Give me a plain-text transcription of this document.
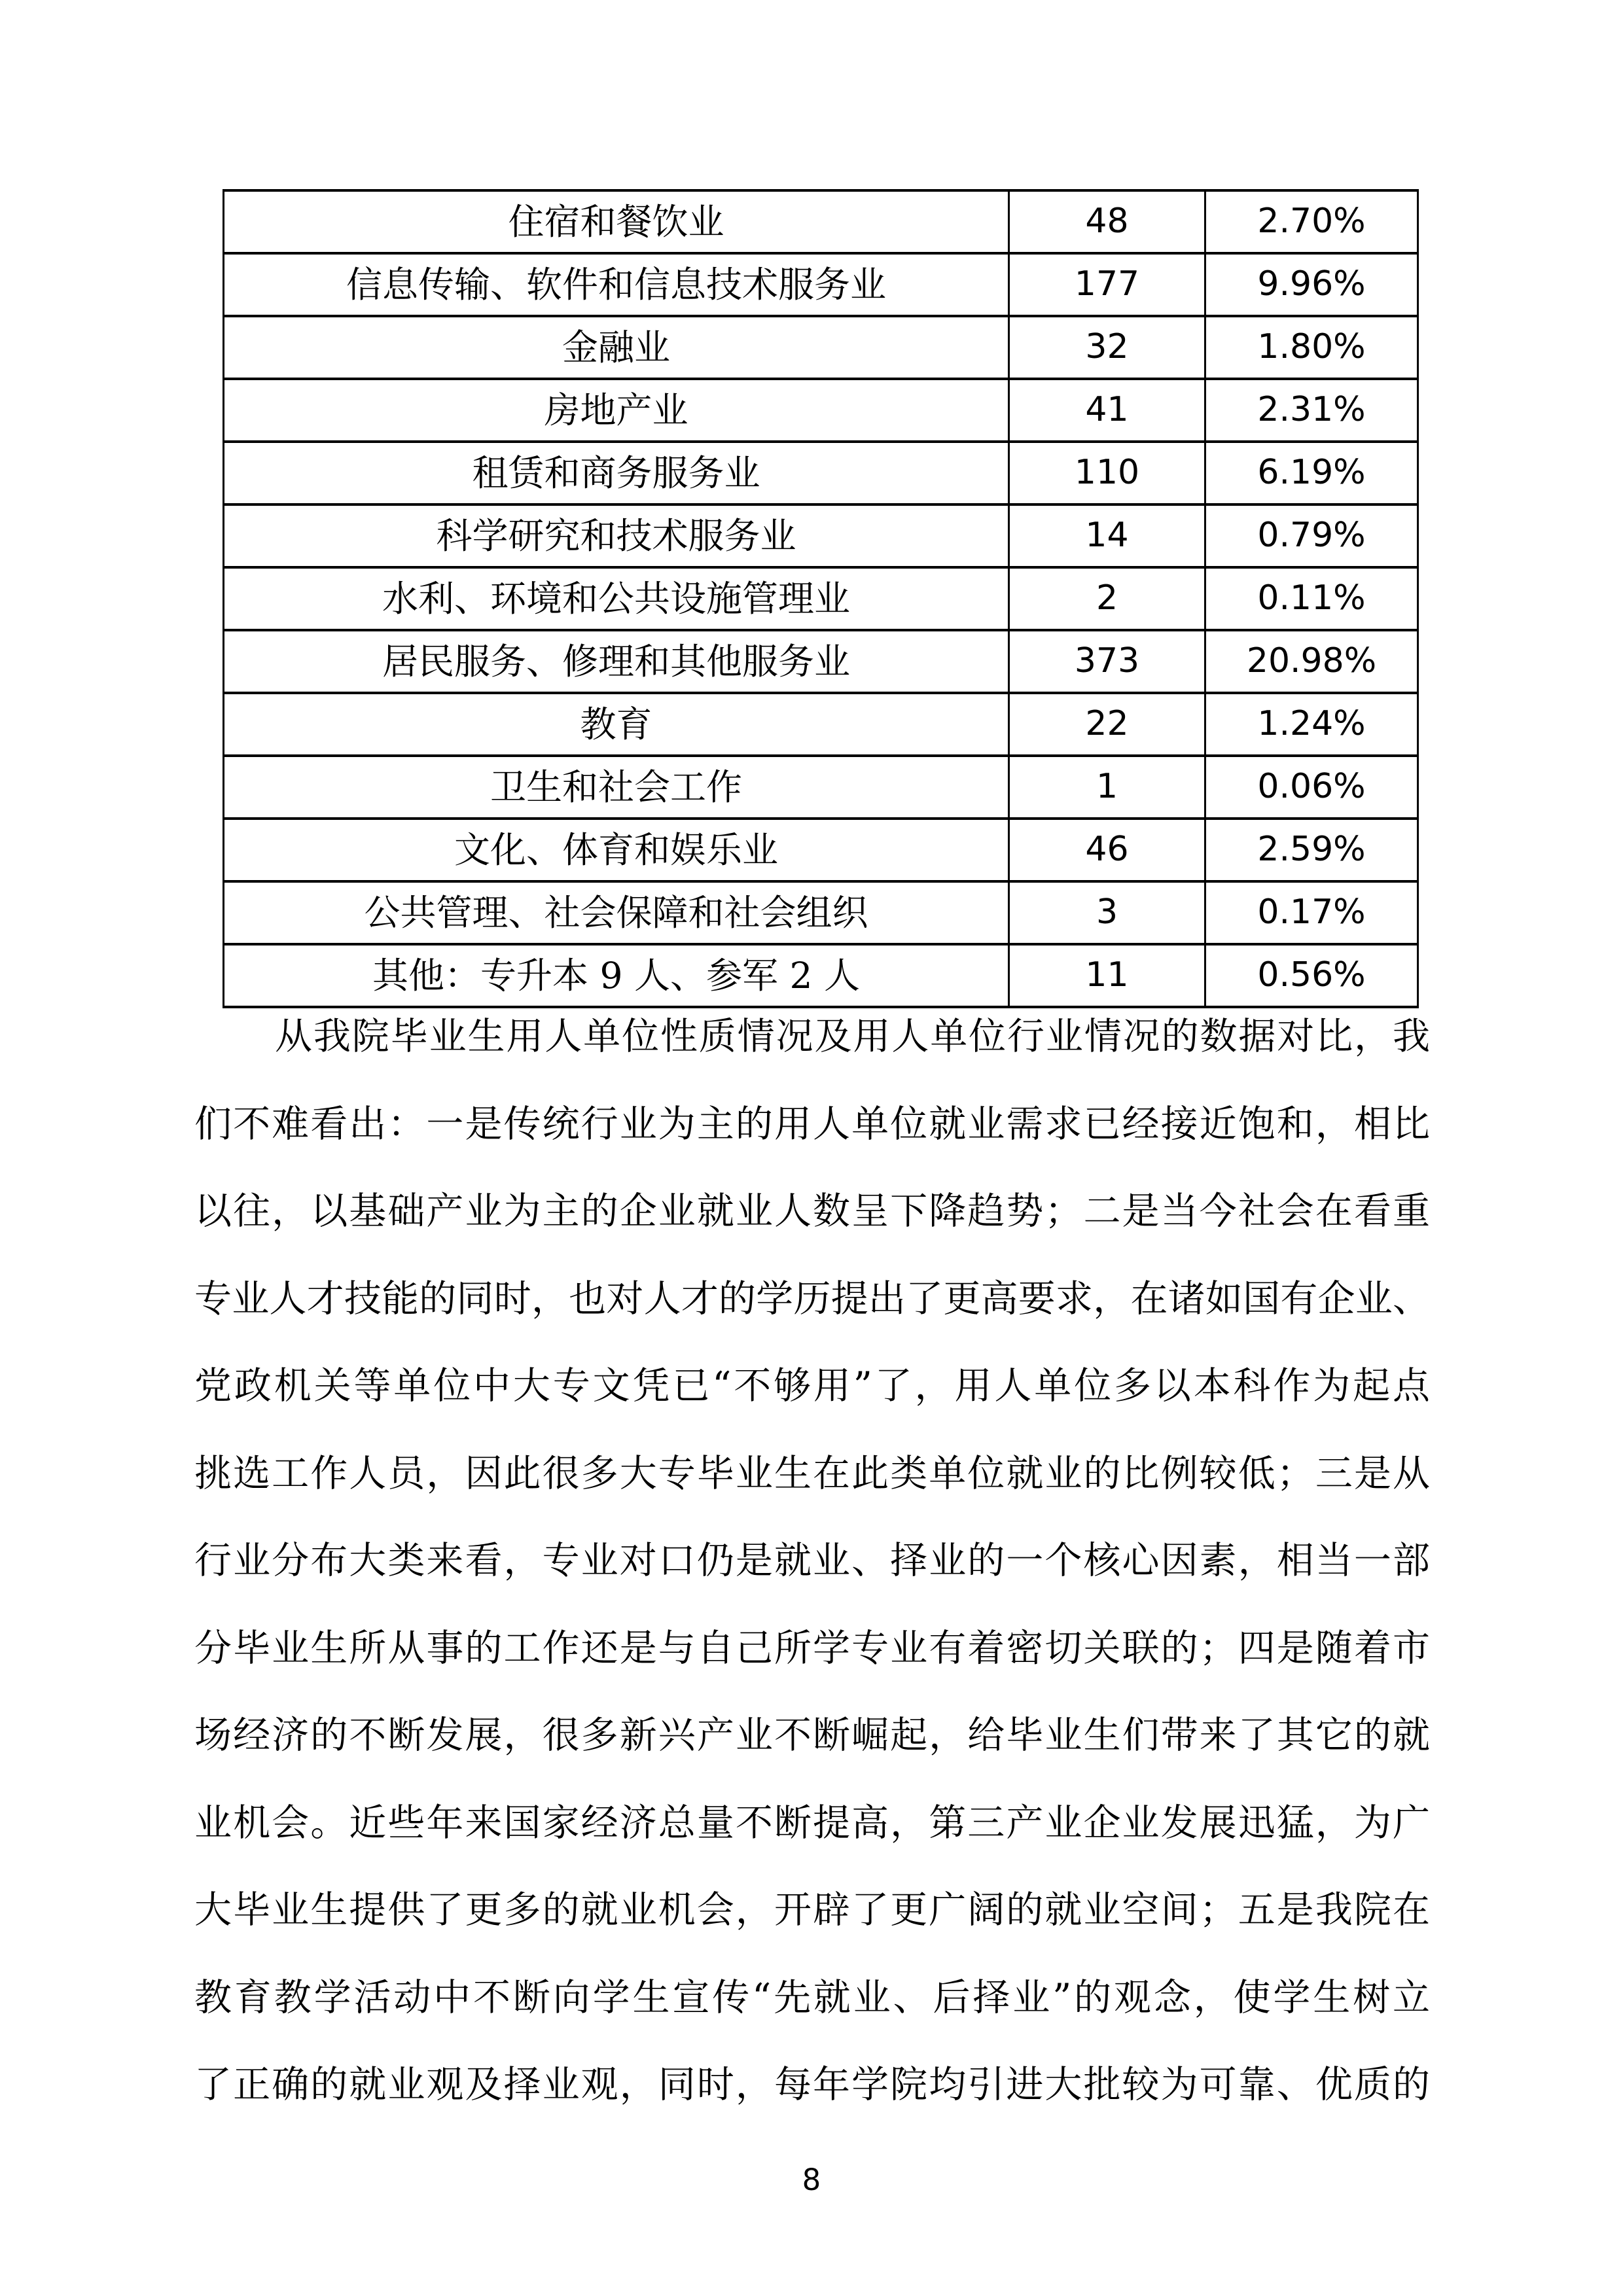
住宿和餐饮业	48	2.70%
信息传输、软件和信息技术服务业	177	9.96%
金融业	32	1.80%
房地产业	41	2.31%
租赁和商务服务业	110	6.19%
科学研究和技术服务业	14	0.79%
水利、环境和公共设施管理业	2	0.11%
居民服务、修理和其他服务业	373	20.98%
教育	22	1.24%
卫生和社会工作	1	0.06%
文化、体育和娱乐业	46	2.59%
公共管理、社会保障和社会组织	3	0.17%
其他：专升本 9 人、参军 2 人	11	0.56%
从我院毕业生用人单位性质情况及用人单位行业情况的数据对比，我
们不难看出：一是传统行业为主的用人单位就业需求已经接近饱和，相比
以往，以基础产业为主的企业就业人数呈下降趋势；二是当今社会在看重
专业人才技能的同时，也对人才的学历提出了更高要求，在诸如国有企业、
党政机关等单位中大专文凭已“不够用”了，用人单位多以本科作为起点
挑选工作人员，因此很多大专毕业生在此类单位就业的比例较低；三是从
行业分布大类来看，专业对口仍是就业、择业的一个核心因素，相当一部
分毕业生所从事的工作还是与自己所学专业有着密切关联的；四是随着市
场经济的不断发展，很多新兴产业不断崛起，给毕业生们带来了其它的就
业机会。近些年来国家经济总量不断提高，第三产业企业发展迅猛，为广
大毕业生提供了更多的就业机会，开辟了更广阔的就业空间；五是我院在
教育教学活动中不断向学生宣传“先就业、后择业”的观念，使学生树立
了正确的就业观及择业观，同时，每年学院均引进大批较为可靠、优质的
8
